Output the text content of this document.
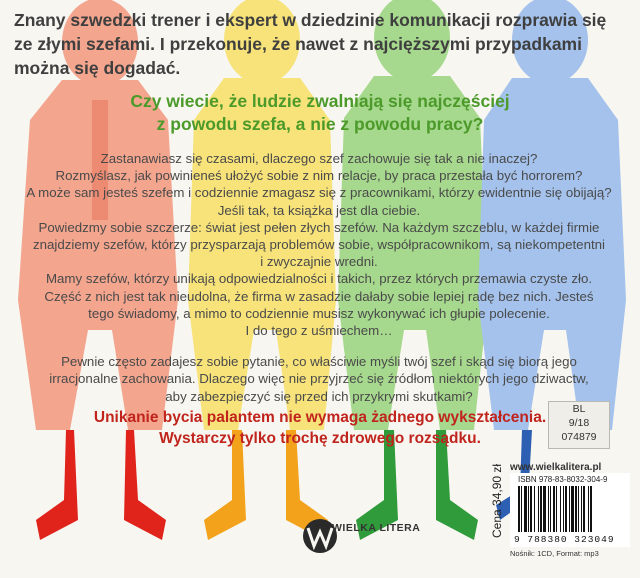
Znany szwedzki trener i ekspert w dziedzinie komunikacji rozprawia się
ze złymi szefami. I przekonuje, że nawet z najcięższymi przypadkami
można się dogadać.
Czy wiecie, że ludzie zwalniają się najczęściej
z powodu szefa, a nie z powodu pracy?

Zastanawiasz się czasami, dlaczego szef zachowuje się tak a nie inaczej?

Rozmyślasz, jak powinieneś ułożyć sobie z nim relacje, by praca przestała być horrorem?

A może sam jesteś szefem i codziennie zmagasz się z pracownikami, którzy ewidentnie się obijają?

Jeśli tak, ta książka jest dla ciebie.

Powiedzmy sobie szczerze: świat jest pełen złych szefów. Na każdym szczeblu, w każdej firmie

znajdziemy szefów, którzy przysparzają problemów sobie, współpracownikom, są niekompetentni

i zwyczajnie wredni.

Mamy szefów, którzy unikają odpowiedzialności i takich, przez których przemawia czyste zło.

Część z nich jest tak nieudolna, że firma w zasadzie dałaby sobie lepiej radę bez nich. Jesteś

tego świadomy, a mimo to codziennie musisz wykonywać ich głupie polecenie.

I do tego z uśmiechem…

Pewnie często zadajesz sobie pytanie, co właściwie myśli twój szef i skąd się biorą jego

irracjonalne zachowania. Dlaczego więc nie przyjrzeć się źródłom niektórych jego dziwactw,

aby zabezpieczyć się przed ich przykrymi skutkami?

Unikanie bycia palantem nie wymaga żadnego wykształcenia.
Wystarczy tylko trochę zdrowego rozsądku.
BL
9/18
074879
www.wielkalitera.pl
Cena 34,90 zł ISBN 978-83-8032-304-9
9 788380 323049
Nośnik: 1CD, Format: mp3
WIELKA LITERA
